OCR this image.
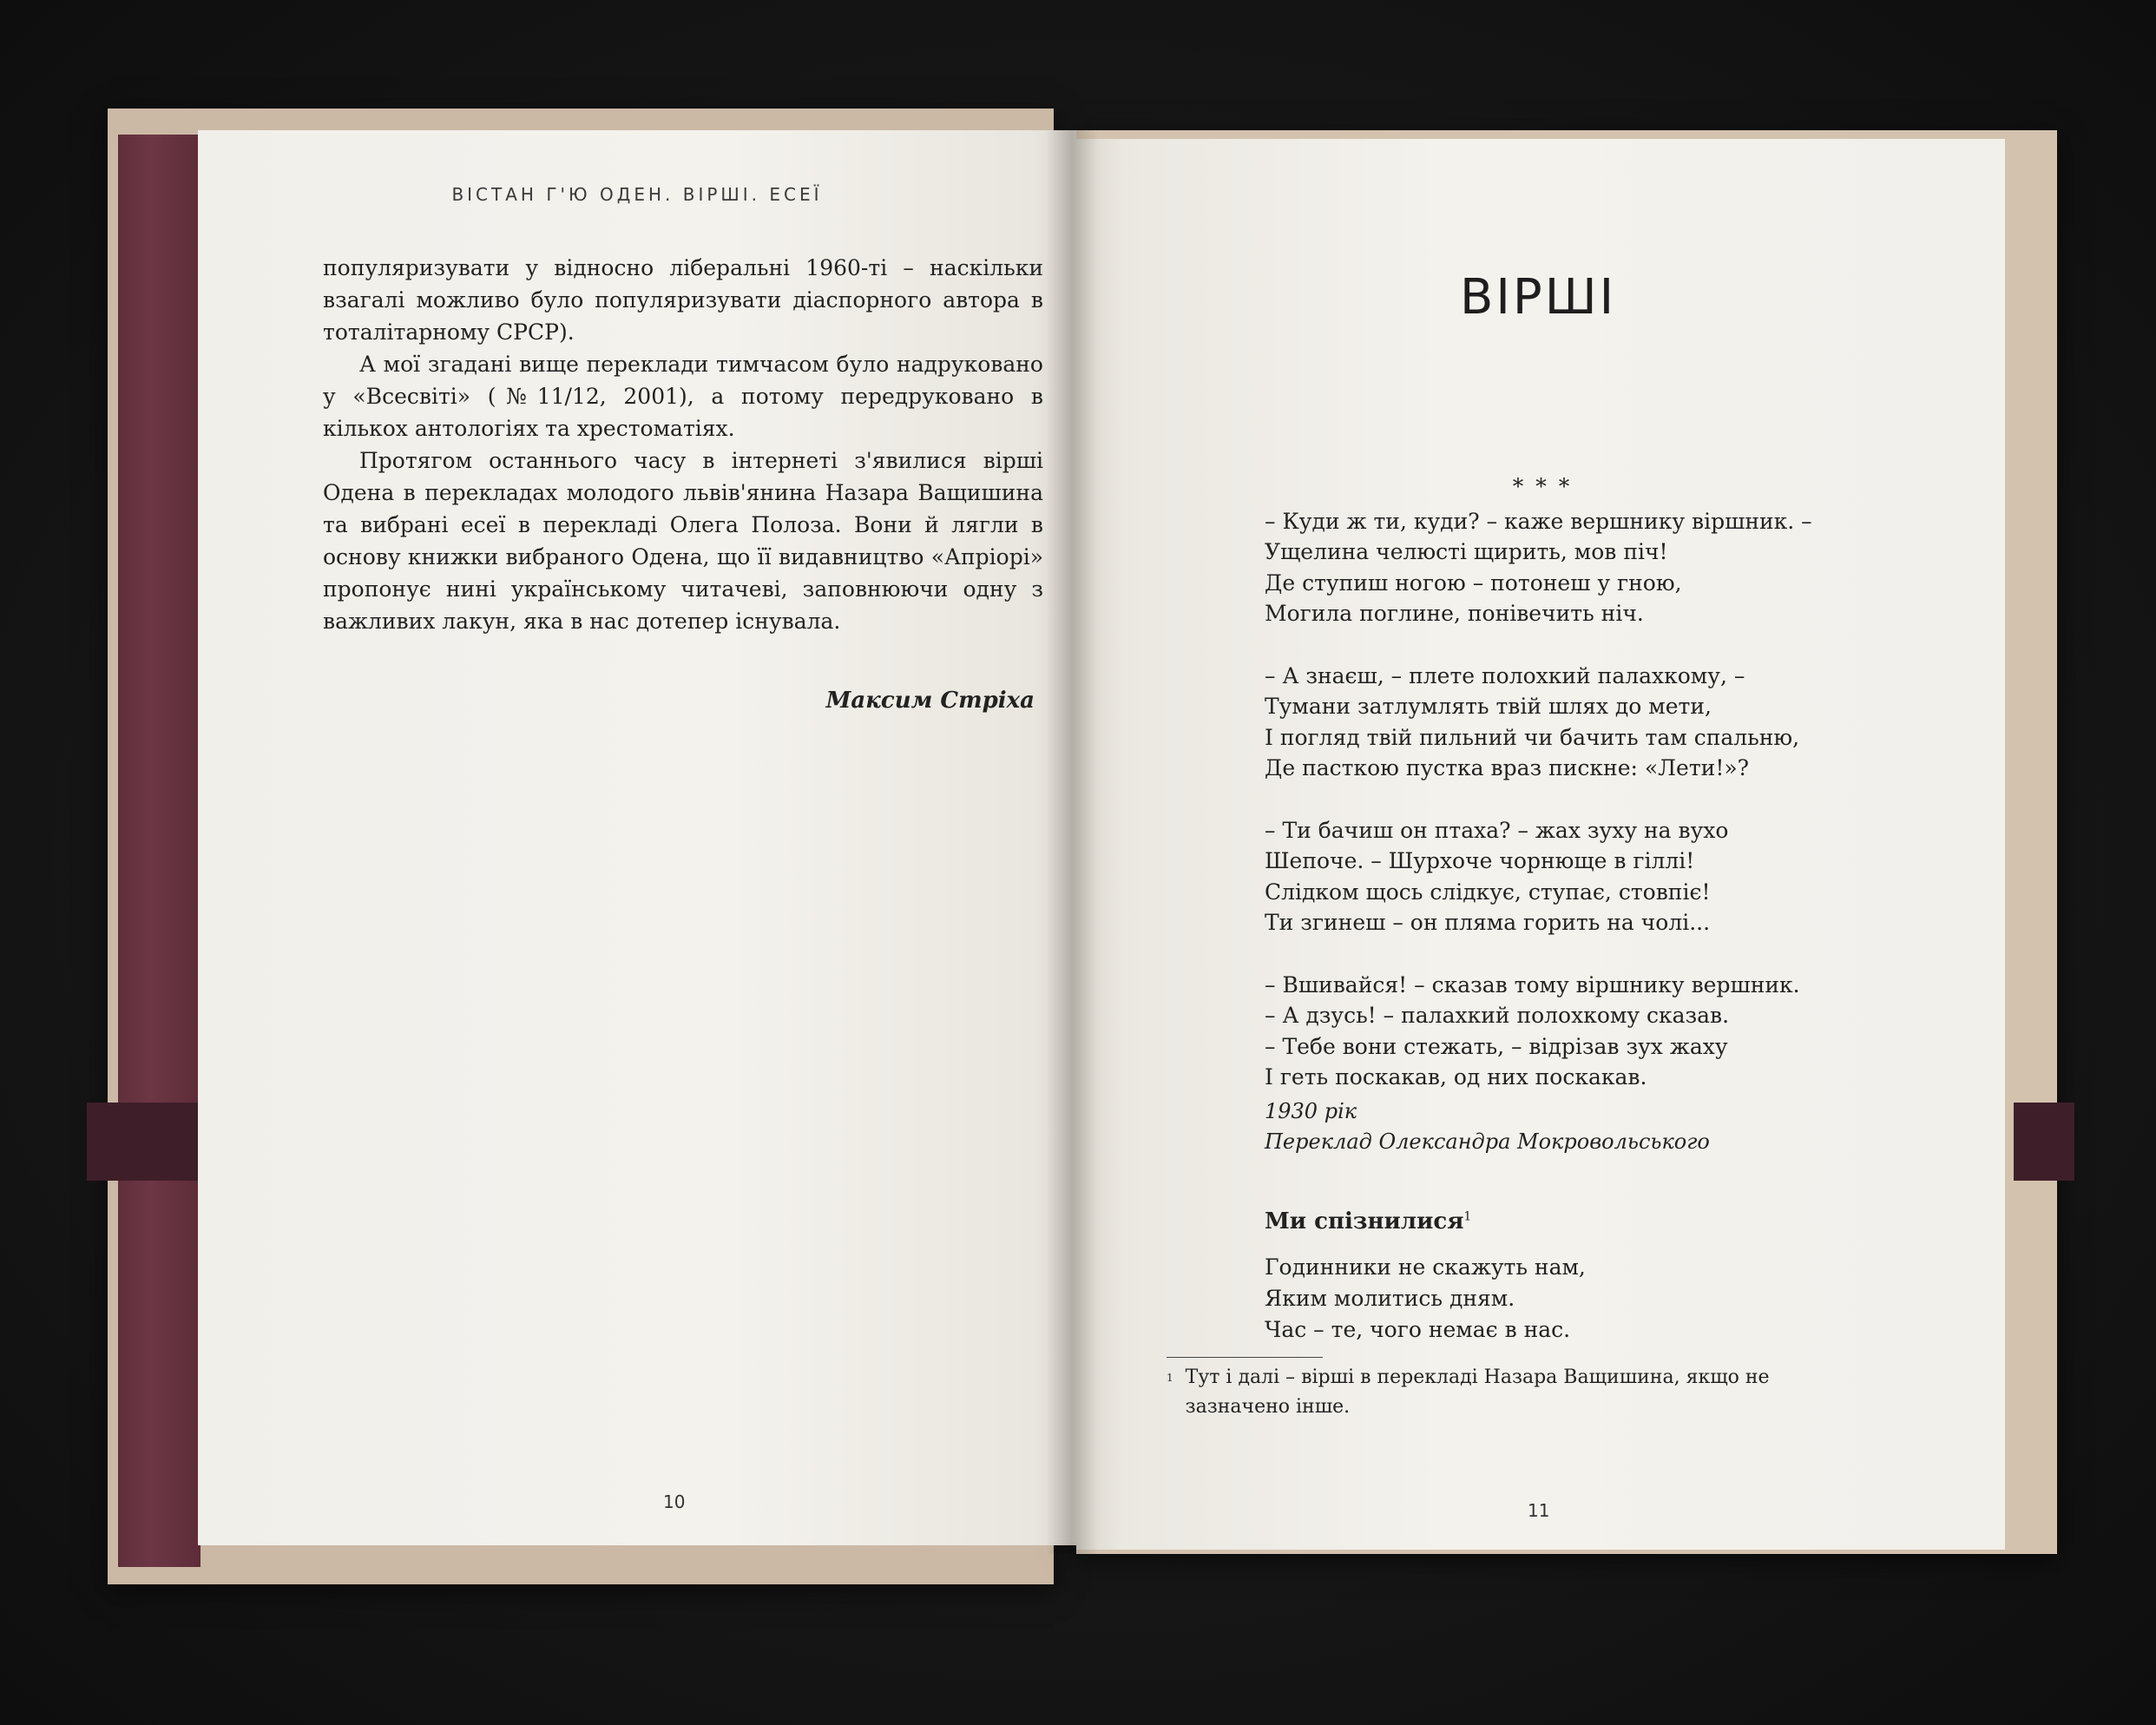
ВІСТАН Г'Ю ОДЕН. ВІРШІ. ЕСЕЇ

популяризувати у відносно ліберальні 1960-ті – наскільки взагалі можливо було популяризувати діаспорного автора в тоталітарному СРСР).

А мої згадані вище переклади тимчасом було надруковано у «Всесвіті» (№11/12, 2001), а потому передруковано в кількох антологіях та хрестоматіях.

Протягом останнього часу в інтернеті з'явилися вірші Одена в перекладах молодого львів'янина Назара Ващишина та вибрані есеї в перекладі Олега Полоза. Вони й лягли в основу книжки вибраного Одена, що її видавництво «Апріорі» пропонує нині українському читачеві, заповнюючи одну з важливих лакун, яка в нас дотепер існувала.

Максим Стріха
10
ВІРШІ
* * *
– Куди ж ти, куди? – каже вершнику віршник. –
Ущелина челюсті щирить, мов піч!
Де ступиш ногою – потонеш у гною,
Могила поглине, понівечить ніч.
– А знаєш, – плете полохкий палахкому, –
Тумани затлумлять твій шлях до мети,
І погляд твій пильний чи бачить там спальню,
Де пасткою пустка враз пискне: «Лети!»?
– Ти бачиш он птаха? – жах зуху на вухо
Шепоче. – Шурхоче чорнюще в гіллі!
Слідком щось слідкує, ступає, стовпіє!
Ти згинеш – он пляма горить на чолі...
– Вшивайся! – сказав тому віршнику вершник.
– А дзусь! – палахкий полохкому сказав.
– Тебе вони стежать, – відрізав зух жаху
І геть поскакав, од них поскакав.
1930 рік
Переклад Олександра Мокровольського
Ми спізнилися$^1$
Годинники не скажуть нам,
Яким молитись дням.
Час – те, чого немає в нас.
$^1$ Тут і далі – вірші в перекладі Назара Ващишина, якщо не зазначено інше.
11
